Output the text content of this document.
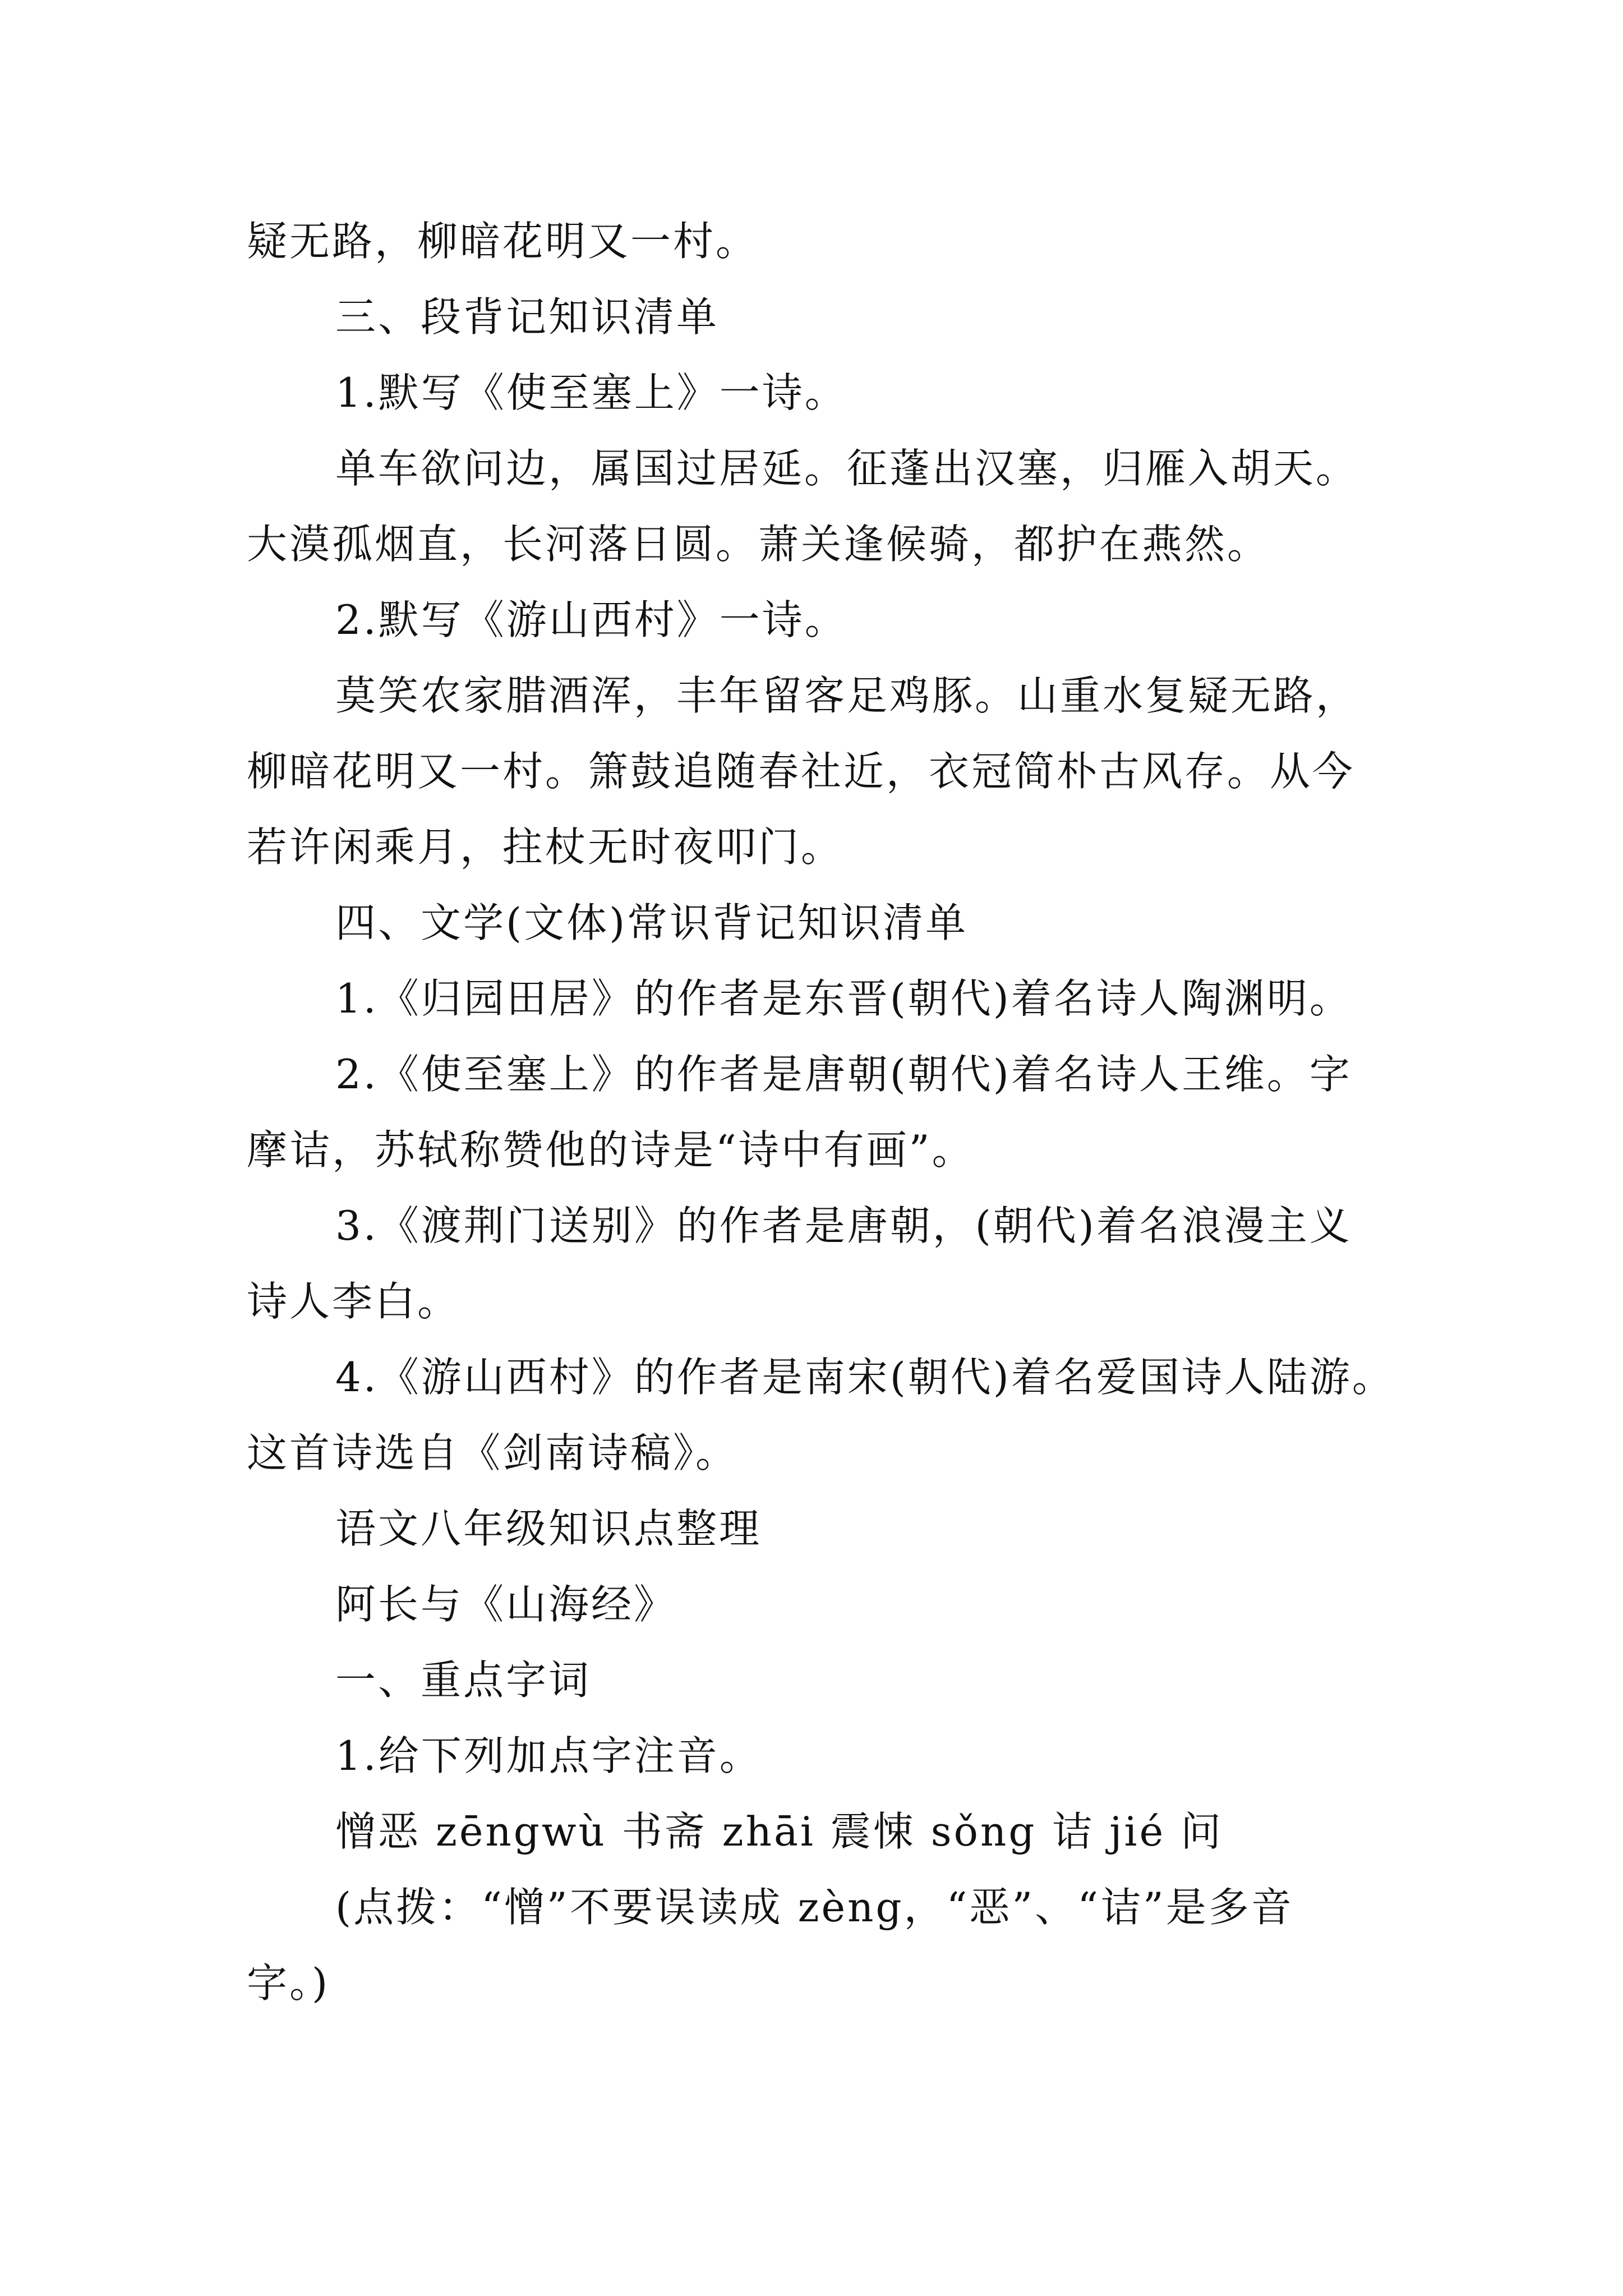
疑无路，柳暗花明又一村。
三、段背记知识清单
1.默写《使至塞上》一诗。
单车欲问边，属国过居延。征蓬出汉塞，归雁入胡天。
大漠孤烟直，长河落日圆。萧关逢候骑，都护在燕然。
2.默写《游山西村》一诗。
莫笑农家腊酒浑，丰年留客足鸡豚。山重水复疑无路，
柳暗花明又一村。箫鼓追随春社近，衣冠简朴古风存。从今
若许闲乘月，拄杖无时夜叩门。
四、文学(文体)常识背记知识清单
1.《归园田居》的作者是东晋(朝代)着名诗人陶渊明。
2.《使至塞上》的作者是唐朝(朝代)着名诗人王维。字
摩诘，苏轼称赞他的诗是“诗中有画”。
3.《渡荆门送别》的作者是唐朝，(朝代)着名浪漫主义
诗人李白。
4.《游山西村》的作者是南宋(朝代)着名爱国诗人陆游。
这首诗选自《剑南诗稿》。
语文八年级知识点整理
阿长与《山海经》
一、重点字词
1.给下列加点字注音。
憎恶 zēngwù 书斋 zhāi 震悚 sǒng 诘 jié 问
(点拨：“憎”不要误读成 zèng，“恶”、“诘”是多音
字。)
